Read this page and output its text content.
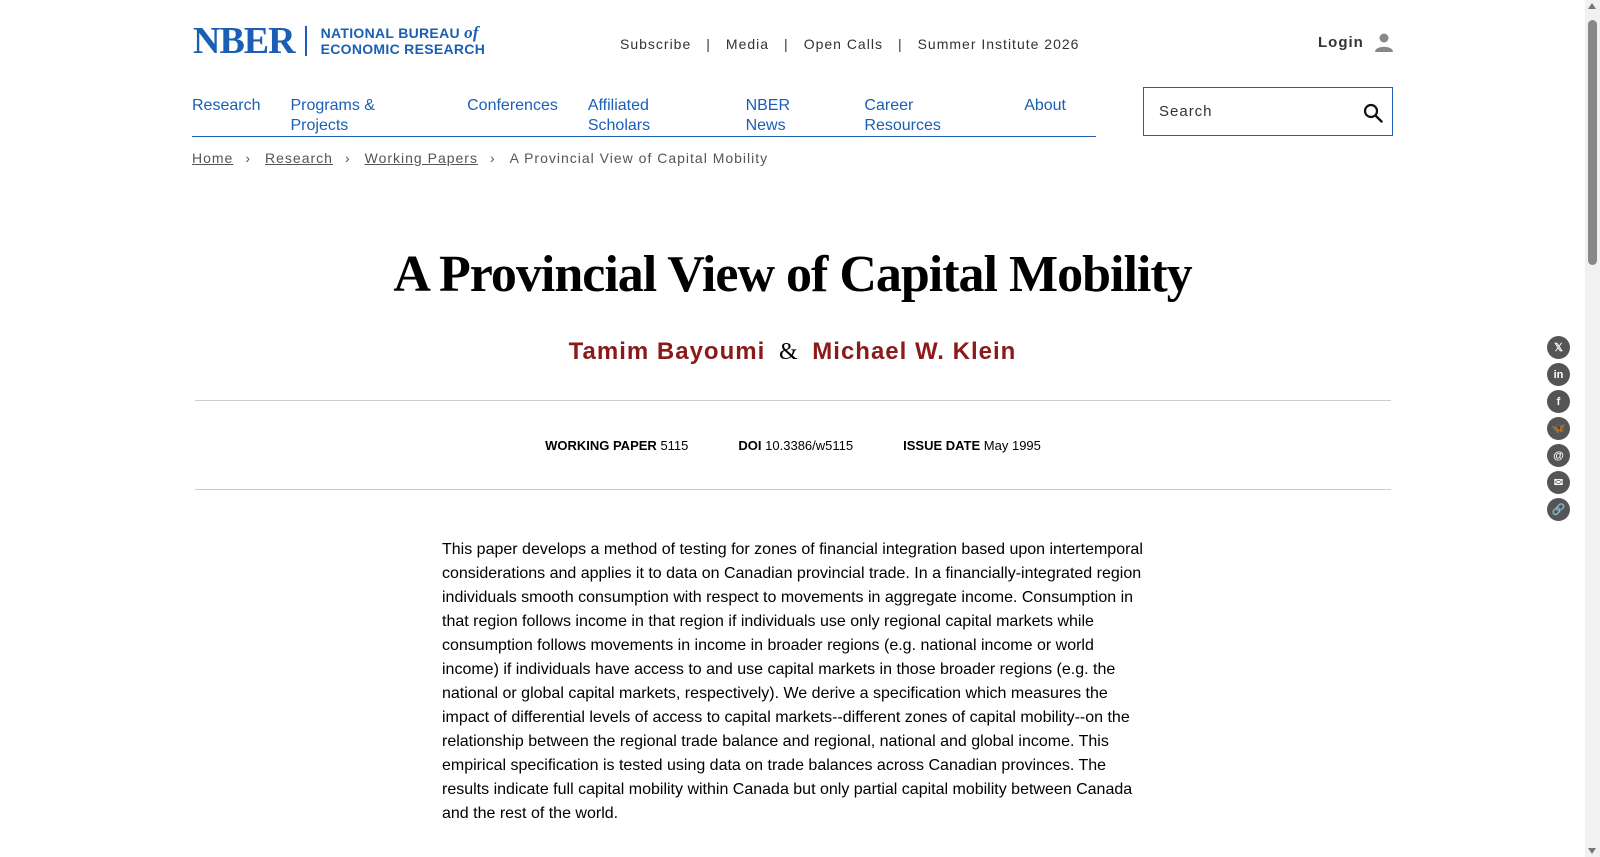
NBER NATIONAL BUREAU of
ECONOMIC RESEARCH	Subscribe | Media | Open Calls | Summer Institute 2026	Login
Research Programs & Projects
Conferences Affiliated Scholars
NBER News
Career Resources
About
Search
Home › Research › Working Papers › A Provincial View of Capital Mobility
A Provincial View of Capital Mobility
Tamim Bayoumi & Michael W. Klein
WORKING PAPER 5115	DOI 10.3386/w5115	ISSUE DATE May 1995

This paper develops a method of testing for zones of financial integration based upon intertemporal considerations and applies it to data on Canadian provincial trade. In a financially-integrated region individuals smooth consumption with respect to movements in aggregate income. Consumption in that region follows income in that region if individuals use only regional capital markets while consumption follows movements in income in broader regions (e.g. national income or world income) if individuals have access to and use capital markets in those broader regions (e.g. the national or global capital markets, respectively). We derive a specification which measures the impact of differential levels of access to capital markets--different zones of capital mobility--on the relationship between the regional trade balance and regional, national and global income. This empirical specification is tested using data on trade balances across Canadian provinces. The results indicate full capital mobility within Canada but only partial capital mobility between Canada and the rest of the world.

𝕏
in
f
🦋
@
✉
🔗
